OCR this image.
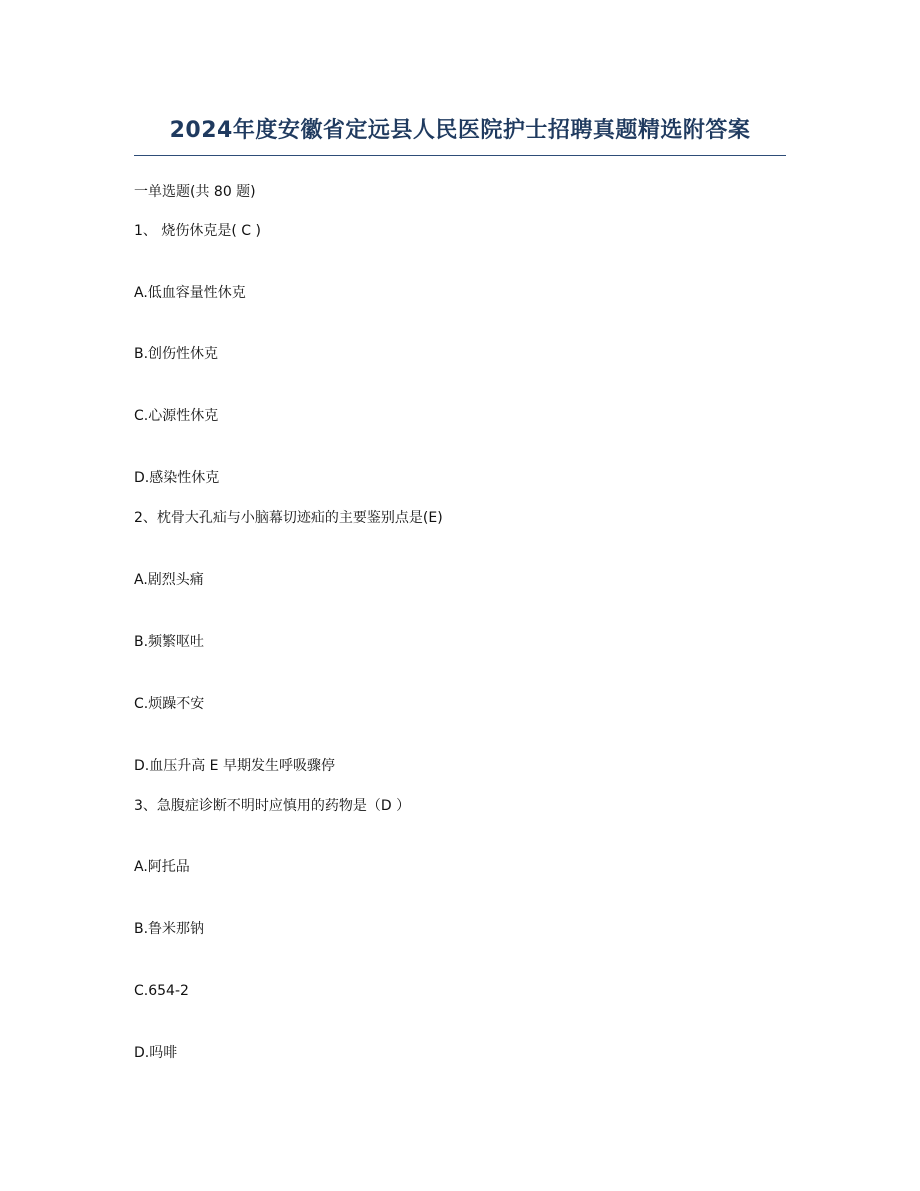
2024年度安徽省定远县人民医院护士招聘真题精选附答案
一单选题(共 80 题)
1、 烧伤休克是( C )
A.低血容量性休克
B.创伤性休克
C.心源性休克
D.感染性休克
2、枕骨大孔疝与小脑幕切迹疝的主要鉴别点是(E)
A.剧烈头痛
B.频繁呕吐
C.烦躁不安
D.血压升高 E 早期发生呼吸骤停
3、急腹症诊断不明时应慎用的药物是（D ）
A.阿托品
B.鲁米那钠
C.654-2
D.吗啡
